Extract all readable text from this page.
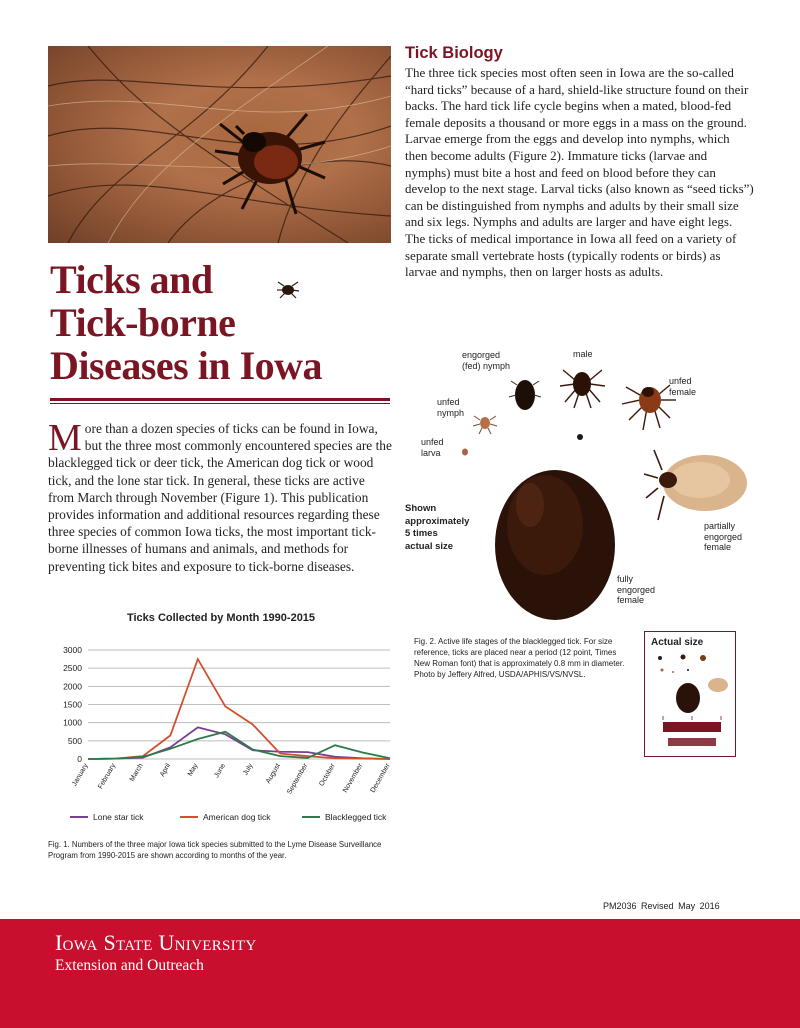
Ticks and
Tick-borne
Diseases in Iowa
More than a dozen species of ticks can be found in Iowa, but the three most commonly encountered species are the blacklegged tick or deer tick, the American dog tick or wood tick, and the lone star tick. In general, these ticks are active from March through November (Figure 1). This publication provides information and additional resources regarding these three species of common Iowa ticks, the most important tick-borne illnesses of humans and animals, and methods for preventing tick bites and exposure to tick-borne diseases.
Tick Biology
The three tick species most often seen in Iowa are the so-called “hard ticks” because of a hard, shield-like structure found on their backs. The hard tick life cycle begins when a mated, blood-fed female deposits a thousand or more eggs in a mass on the ground. Larvae emerge from the eggs and develop into nymphs, which then become adults (Figure 2). Immature ticks (larvae and nymphs) must bite a host and feed on blood before they can develop to the next stage. Larval ticks (also known as “seed ticks”) can be distinguished from nymphs and adults by their small size and six legs. Nymphs and adults are larger and have eight legs. The ticks of medical importance in Iowa all feed on a variety of separate small vertebrate hosts (typically rodents or birds) as larvae and nymphs, then on larger hosts as adults.
engorged
(fed) nymph
male
unfed
female
unfed
nymph
unfed
larva
partially
engorged
female
fully
engorged
female
Shown
approximately
5 times
actual size
Fig. 2. Active life stages of the blacklegged tick. For size reference, ticks are placed near a period (12 point, Times New Roman font) that is approximately 0.8 mm in diameter. Photo by Jeffery Alfred, USDA/APHIS/VS/NVSL.
Actual size
Ticks Collected by Month 1990-2015
0
500
1000
1500
2000
2500
3000
January February March April May June July August September October November December
Lone star tick	American dog tick	Blacklegged tick
Fig. 1. Numbers of the three major Iowa tick species submitted to the Lyme Disease Surveillance Program from 1990-2015 are shown according to months of the year.
PM2036 Revised May 2016
Iowa State University
Extension and Outreach
